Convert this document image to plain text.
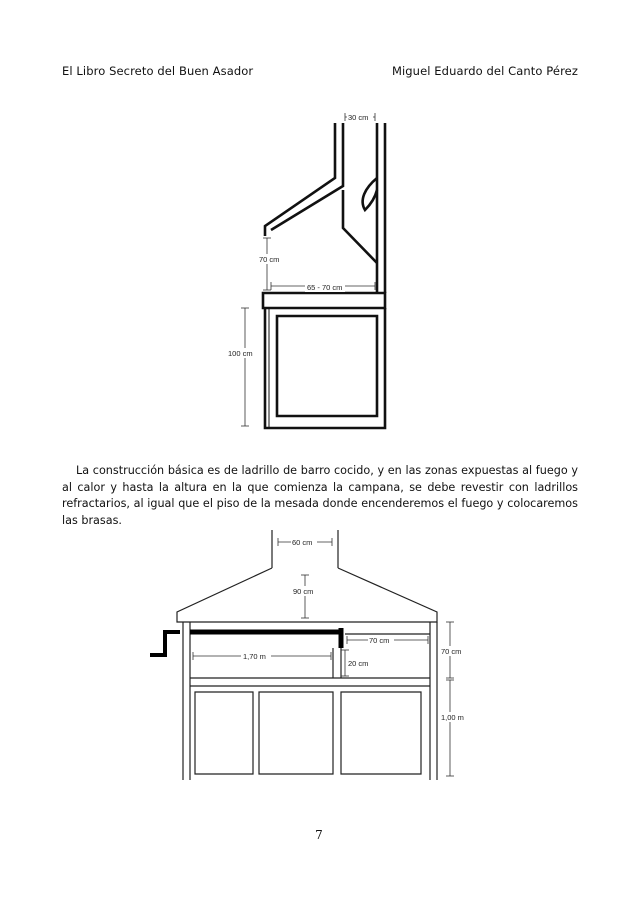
El Libro Secreto del Buen Asador	Miguel Eduardo del Canto Pérez
30 cm
70 cm
65 - 70 cm
100 cm

La construcción básica es de ladrillo de barro cocido, y en las zonas expuestas al fuego y al calor y hasta la altura en la que comienza la campana, se debe revestir con ladrillos refractarios, al igual que el piso de la mesada donde encenderemos el fuego y colocaremos las brasas.

60 cm
90 cm
70 cm
1,70 m
20 cm
70 cm
1,00 m
7
